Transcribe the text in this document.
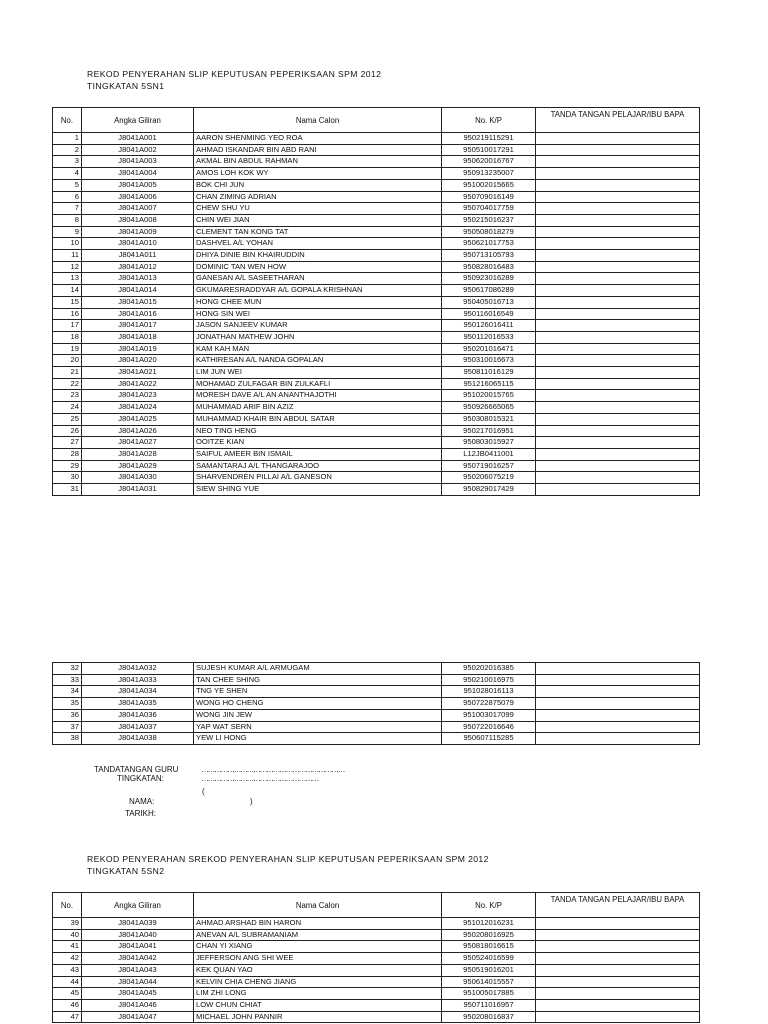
REKOD PENYERAHAN SLIP KEPUTUSAN PEPERIKSAAN SPM 2012
TINGKATAN 5SN1
No.	Angka Giliran	Nama Calon	No. K/P	TANDA TANGAN PELAJAR/IBU BAPA
1	J8041A001	AARON SHENMING YEO ROA	950219115291	
2	J8041A002	AHMAD ISKANDAR BIN ABD RANI	950510017291	
3	J8041A003	AKMAL BIN ABDUL RAHMAN	950620016767	
4	J8041A004	AMOS LOH KOK WY	950913235007	
5	J8041A005	BOK CHI JUN	951002015665	
6	J8041A006	CHAN ZIMING ADRIAN	950709016149	
7	J8041A007	CHEW SHU YU	950704017759	
8	J8041A008	CHIN WEI JIAN	950215016237	
9	J8041A009	CLEMENT TAN KONG TAT	950508018279	
10	J8041A010	DASHVEL A/L YOHAN	950621017753	
11	J8041A011	DHIYA DINIE BIN KHAIRUDDIN	950713105793	
12	J8041A012	DOMINIC TAN WEN HOW	950828016483	
13	J8041A013	GANESAN A/L SASEETHARAN	950923016289	
14	J8041A014	GKUMARESRADDYAR A/L GOPALA KRISHNAN	950617086289	
15	J8041A015	HONG CHEE MUN	950405016713	
16	J8041A016	HONG SIN WEI	950116016549	
17	J8041A017	JASON SANJEEV KUMAR	950126016411	
18	J8041A018	JONATHAN MATHEW JOHN	950112016533	
19	J8041A019	KAM KAH MAN	950201016471	
20	J8041A020	KATHIRESAN A/L NANDA GOPALAN	950310016673	
21	J8041A021	LIM JUN WEI	950811016129	
22	J8041A022	MOHAMAD ZULFAGAR BIN ZULKAFLI	951216065115	
23	J8041A023	MORESH DAVE A/L AN ANANTHAJOTHI	951020015765	
24	J8041A024	MUHAMMAD ARIF BIN AZIZ	950926665065	
25	J8041A025	MUHAMMAD KHAIR BIN ABDUL SATAR	950308015321	
26	J8041A026	NEO TING HENG	950217016951	
27	J8041A027	OOITZE KIAN	950803015927	
28	J8041A028	SAIFUL AMEER BIN ISMAIL	L12JB0411001	
29	J8041A029	SAMANTARAJ A/L THANGARAJOO	950719016257	
30	J8041A030	SHARVENDREN PILLAI A/L GANESON	950206075219	
31	J8041A031	SIEW SHING YUE	950829017429	
32	J8041A032	SUJESH KUMAR A/L ARMUGAM	950202016385	
33	J8041A033	TAN CHEE SHING	950210016975	
34	J8041A034	TNG YE SHEN	951028016113	
35	J8041A035	WONG HO CHENG	950722875079	
36	J8041A036	WONG JIN JEW	951003017099	
37	J8041A037	YAP WAT SERN	950722016646	
38	J8041A038	YEW LI HONG	950607115285	
TANDATANGAN GURU	…………………………………………………………
TINGKATAN:	………………………………………………
(
)
NAMA:
TARIKH:
REKOD PENYERAHAN SREKOD PENYERAHAN SLIP KEPUTUSAN PEPERIKSAAN SPM 2012
TINGKATAN 5SN2
No.	Angka Giliran	Nama Calon	No. K/P	TANDA TANGAN PELAJAR/IBU BAPA
39	J8041A039	AHMAD ARSHAD BIN HARON	951012016231	
40	J8041A040	ANEVAN A/L SUBRAMANIAM	950208016925	
41	J8041A041	CHAN YI XIANG	950818016615	
42	J8041A042	JEFFERSON ANG SHI WEE	950524016599	
43	J8041A043	KEK QUAN YAO	950519016201	
44	J8041A044	KELVIN CHIA CHENG JIANG	950614015557	
45	J8041A045	LIM ZHI LONG	951005017885	
46	J8041A046	LOW CHUN CHIAT	950711016957	
47	J8041A047	MICHAEL JOHN PANNIR	950208016837	
